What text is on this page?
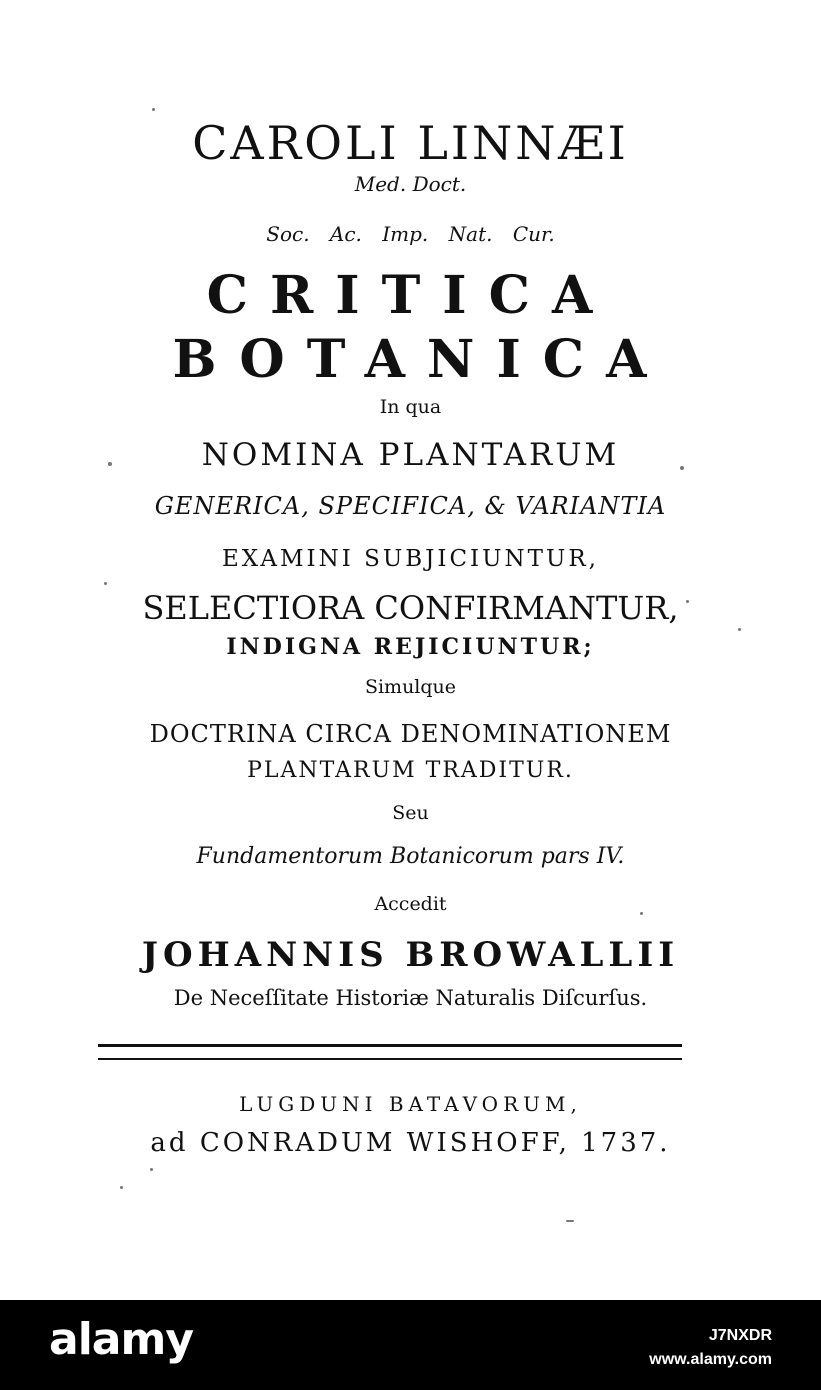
CAROLI LINNÆI
Med. Doct.
Soc. Ac. Imp. Nat. Cur.
CRITICA
BOTANICA
In qua
NOMINA PLANTARUM
GENERICA, SPECIFICA, & VARIANTIA
EXAMINI SUBJICIUNTUR,
SELECTIORA CONFIRMANTUR,
INDIGNA REJICIUNTUR;
Simulque
DOCTRINA CIRCA DENOMINATIONEM
PLANTARUM TRADITUR.
Seu
Fundamentorum Botanicorum pars IV.
Accedit
JOHANNIS BROWALLII
De Neceſſitate Historiæ Naturalis Diſcurſus.
LUGDUNI BATAVORUM,
ad CONRADUM WISHOFF, 1737.
alamy	J7NXDR
www.alamy.com
